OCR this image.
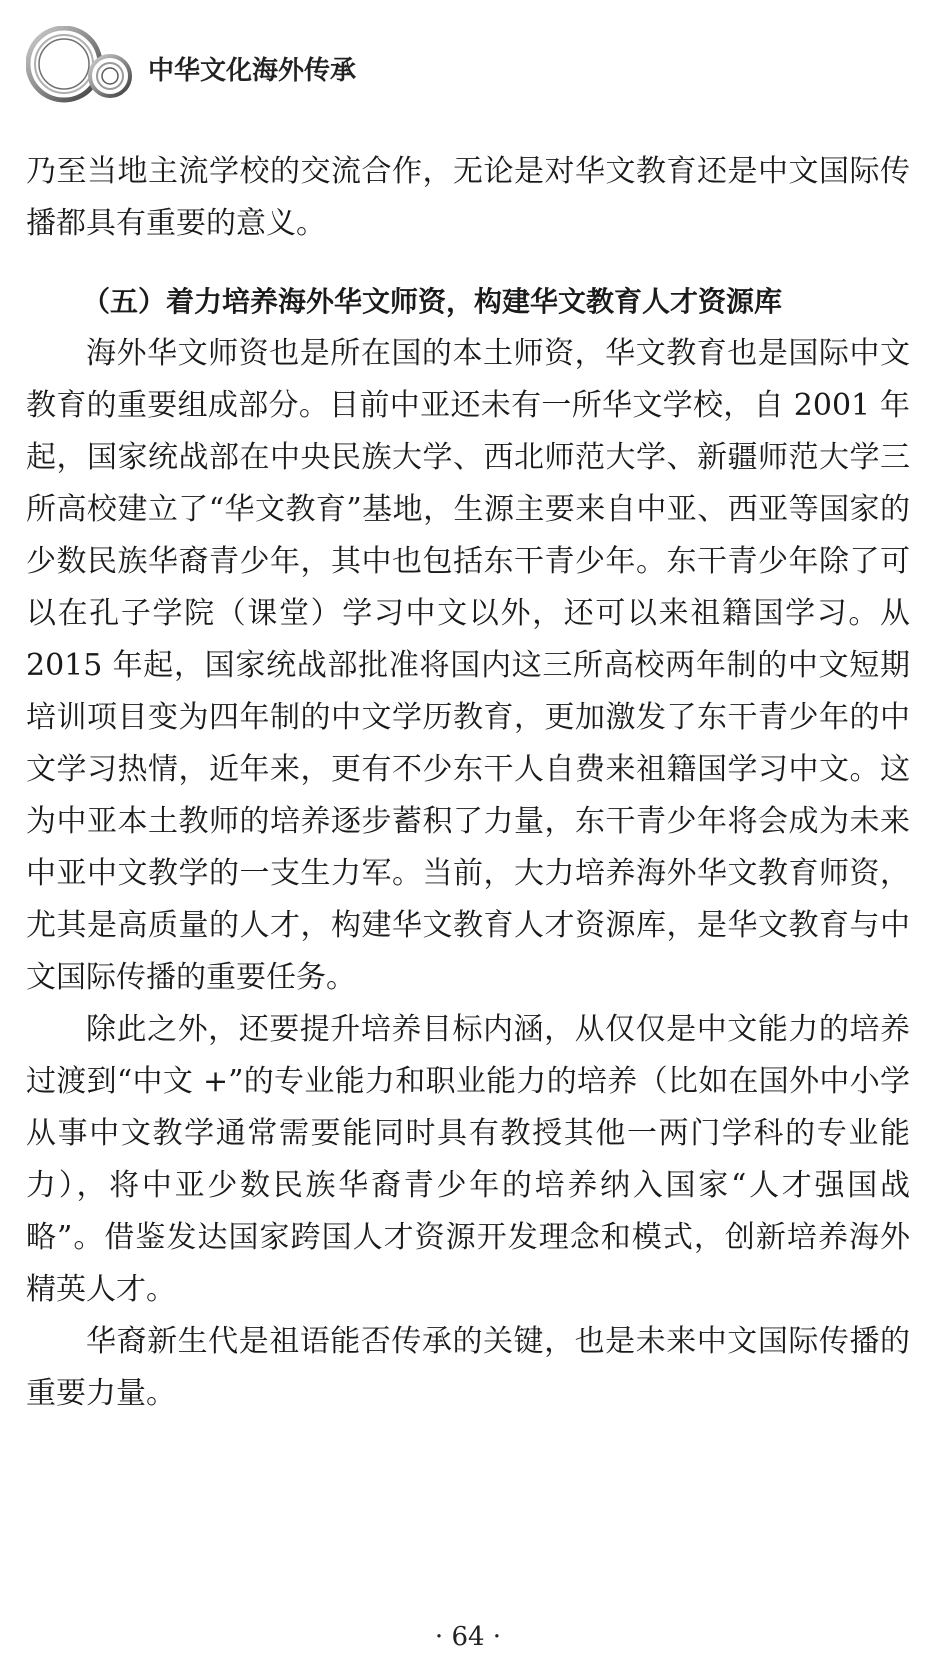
中华文化海外传承

乃至当地主流学校的交流合作，无论是对华文教育还是中文国际传播都具有重要的意义。

（五）着力培养海外华文师资，构建华文教育人才资源库

海外华文师资也是所在国的本土师资，华文教育也是国际中文教育的重要组成部分。目前中亚还未有一所华文学校，自 2001 年起，国家统战部在中央民族大学、西北师范大学、新疆师范大学三所高校建立了“华文教育”基地，生源主要来自中亚、西亚等国家的少数民族华裔青少年，其中也包括东干青少年。东干青少年除了可以在孔子学院（课堂）学习中文以外，还可以来祖籍国学习。从 2015 年起，国家统战部批准将国内这三所高校两年制的中文短期培训项目变为四年制的中文学历教育，更加激发了东干青少年的中文学习热情，近年来，更有不少东干人自费来祖籍国学习中文。这为中亚本土教师的培养逐步蓄积了力量，东干青少年将会成为未来中亚中文教学的一支生力军。当前，大力培养海外华文教育师资，尤其是高质量的人才，构建华文教育人才资源库，是华文教育与中文国际传播的重要任务。

除此之外，还要提升培养目标内涵，从仅仅是中文能力的培养过渡到“中文 +”的专业能力和职业能力的培养（比如在国外中小学从事中文教学通常需要能同时具有教授其他一两门学科的专业能力），将中亚少数民族华裔青少年的培养纳入国家“人才强国战略”。借鉴发达国家跨国人才资源开发理念和模式，创新培养海外精英人才。

华裔新生代是祖语能否传承的关键，也是未来中文国际传播的重要力量。

· 64 ·
